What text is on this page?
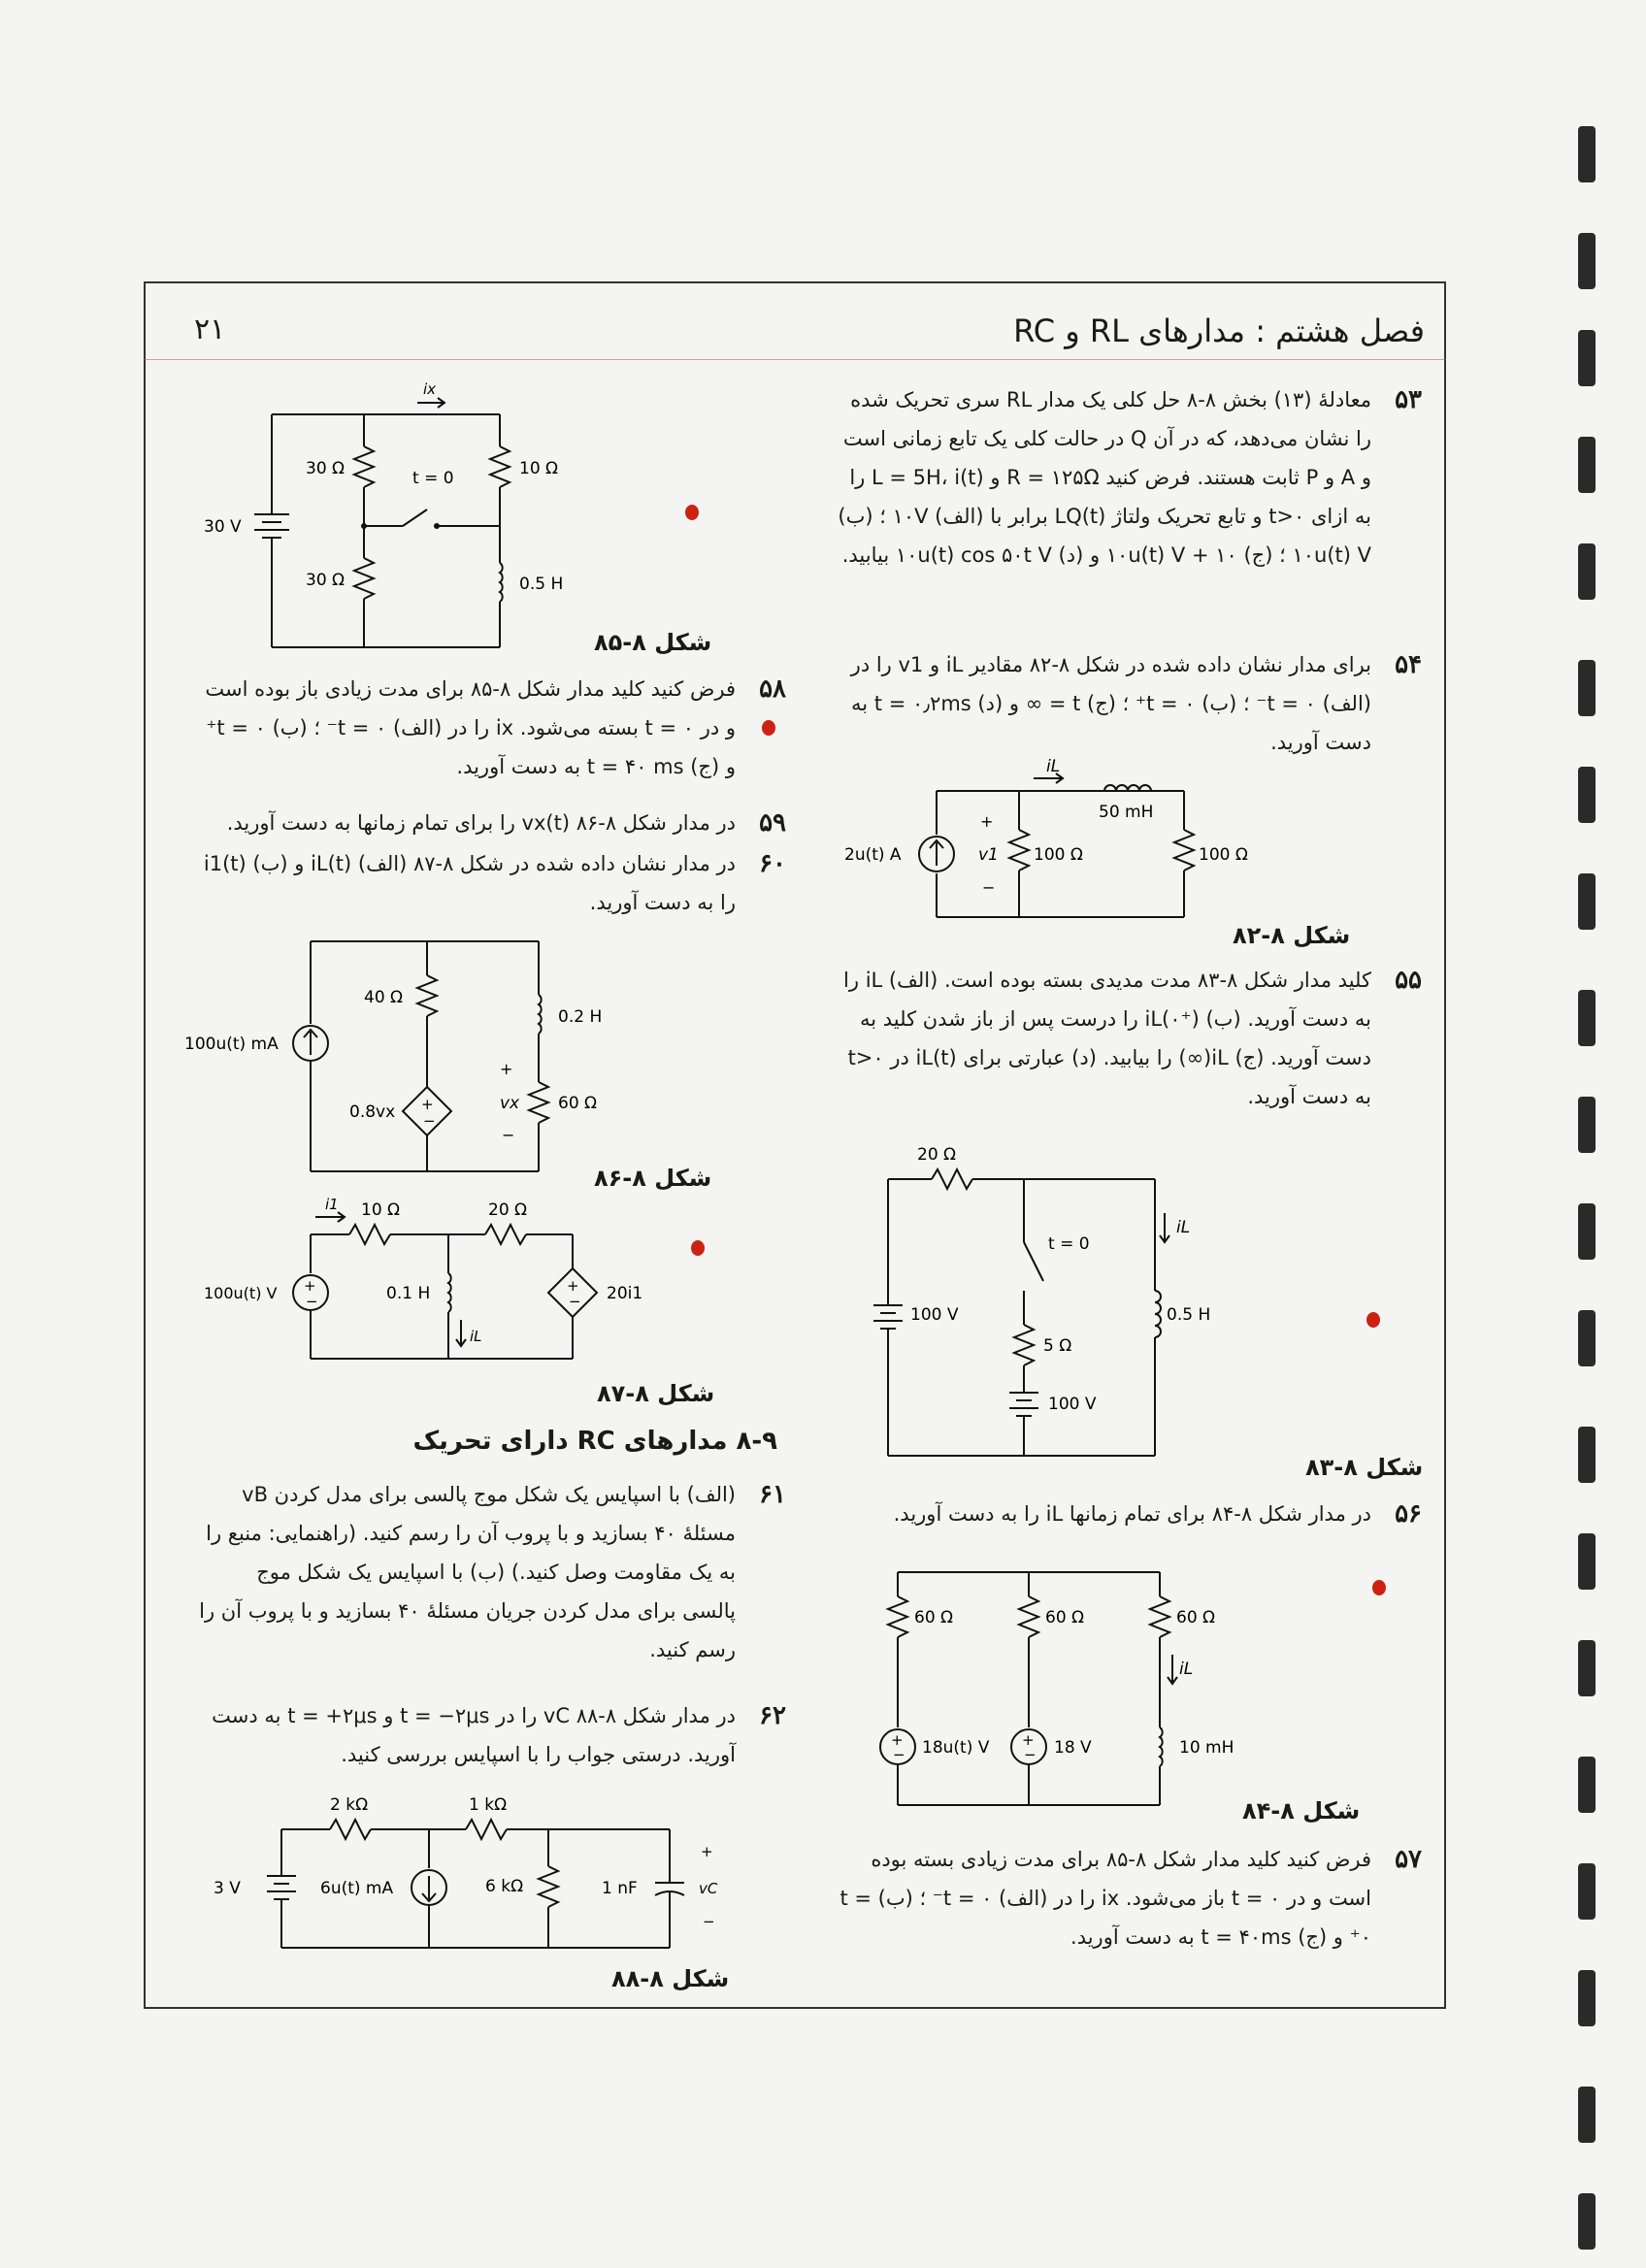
۲۱	فصل هشتم : مدارهای RL و RC
۵۳
معادلهٔ (۱۳) بخش ۸-۸ حل کلی یک مدار RL سری تحریک شده را نشان می‌دهد، که در آن Q در حالت کلی یک تابع زمانی است و A و P ثابت هستند. فرض کنید R = ۱۲۵Ω و L = 5H، i(t) را به ازای t>۰ و تابع تحریک ولتاژ LQ(t) برابر با (الف) ۱۰V ؛ (ب) ۱۰u(t) V ؛ (ج) ۱۰ + ۱۰u(t) V و (د) ۱۰u(t) cos ۵۰t V بیابید.
۵۴
برای مدار نشان داده شده در شکل ۸-۸۲ مقادیر iL و v1 را در (الف) t = ۰⁻ ؛ (ب) t = ۰⁺ ؛ (ج) t = ∞ و (د) t = ۰٫۲ms به دست آورید.
2u(t) A	100 Ω
50 mH
100 Ω
iL
v1
+
−
شکل ۸-۸۲
۵۵
کلید مدار شکل ۸-۸۳ مدت مدیدی بسته بوده است. (الف) iL را به دست آورید. (ب) iL(۰⁺) را درست پس از باز شدن کلید به دست آورید. (ج) iL(∞) را بیابید. (د) عبارتی برای iL(t) در t>۰ به دست آورید.
20 Ω
t = 0
100 V
5 Ω
100 V
0.5 H
iL
شکل ۸-۸۳
۵۶
در مدار شکل ۸-۸۴ برای تمام زمانها iL را به دست آورید.
+
−
+
−
60 Ω	60 Ω	60 Ω
18u(t) V	18 V	10 mH
iL
شکل ۸-۸۴
۵۷
فرض کنید کلید مدار شکل ۸-۸۵ برای مدت زیادی بسته بوده است و در t = ۰ باز می‌شود. ix را در (الف) t = ۰⁻ ؛ (ب) t = ۰⁺ و (ج) t = ۴۰ms به دست آورید.
30 V
30 Ω
30 Ω
10 Ω
0.5 H
t = 0
ix
شکل ۸-۸۵
۵۸
فرض کنید کلید مدار شکل ۸-۸۵ برای مدت زیادی باز بوده است و در t = ۰ بسته می‌شود. ix را در (الف) t = ۰⁻ ؛ (ب) t = ۰⁺ و (ج) t = ۴۰ ms به دست آورید.
۵۹
در مدار شکل ۸-۸۶ vx(t) را برای تمام زمانها به دست آورید.
۶۰
در مدار نشان داده شده در شکل ۸-۸۷ (الف) iL(t) و (ب) i1(t) را به دست آورید.
+
−
100u(t) mA
40 Ω
0.8vx
0.2 H
60 Ω
vx
+
−
شکل ۸-۸۶
+
−
+
−
100u(t) V
10 Ω	20 Ω
0.1 H	20i1
i1
iL
شکل ۸-۸۷
۸-۹ مدارهای RC دارای تحریک
۶۱
(الف) با اسپایس یک شکل موج پالسی برای مدل کردن vB مسئلهٔ ۴۰ بسازید و با پروب آن را رسم کنید. (راهنمایی: منبع را به یک مقاومت وصل کنید.) (ب) با اسپایس یک شکل موج پالسی برای مدل کردن جریان مسئلهٔ ۴۰ بسازید و با پروب آن را رسم کنید.
۶۲
در مدار شکل ۸-۸۸ vC را در t = −۲μs و t = +۲μs به دست آورید. درستی جواب را با اسپایس بررسی کنید.
3 V
2 kΩ	1 kΩ
6u(t) mA	6 kΩ	1 nF	vC
+
−
شکل ۸-۸۸
